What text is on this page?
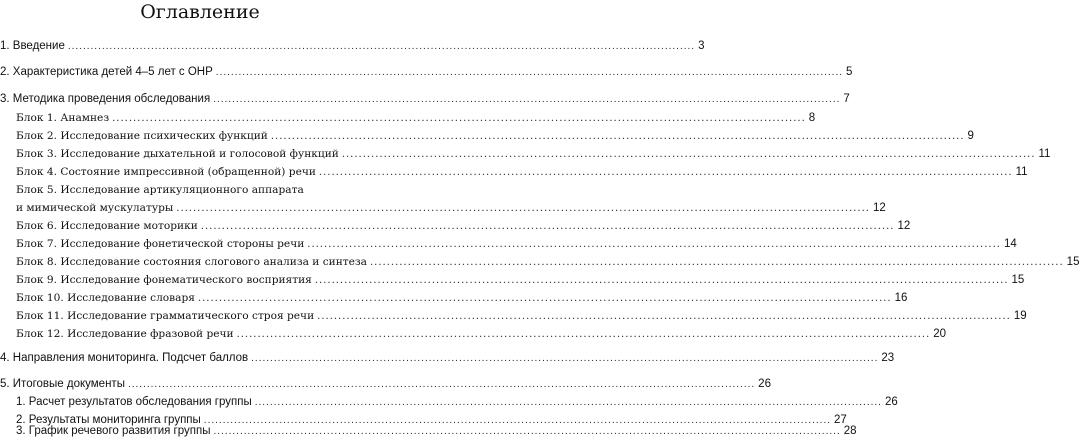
Оглавление
1. Введение ...................................................................................................................................................................... 3
2. Характеристика детей 4–5 лет с ОНР ...................................................................................................................................................................... 5
3. Методика проведения обследования ...................................................................................................................................................................... 7
Блок 1. Анамнез ...................................................................................................................................................................... 8
Блок 2. Исследование психических функций ...................................................................................................................................................................... 9
Блок 3. Исследование дыхательной и голосовой функций ...................................................................................................................................................................... 11
Блок 4. Состояние импрессивной (обращенной) речи ...................................................................................................................................................................... 11
Блок 5. Исследование артикуляционного аппарата
и мимической мускулатуры ...................................................................................................................................................................... 12
Блок 6. Исследование моторики ...................................................................................................................................................................... 12
Блок 7. Исследование фонетической стороны речи ...................................................................................................................................................................... 14
Блок 8. Исследование состояния слогового анализа и синтеза ...................................................................................................................................................................... 15
Блок 9. Исследование фонематического восприятия ...................................................................................................................................................................... 15
Блок 10. Исследование словаря ...................................................................................................................................................................... 16
Блок 11. Исследование грамматического строя речи ...................................................................................................................................................................... 19
Блок 12. Исследование фразовой речи ...................................................................................................................................................................... 20
4. Направления мониторинга. Подсчет баллов ...................................................................................................................................................................... 23
5. Итоговые документы ...................................................................................................................................................................... 26
1. Расчет результатов обследования группы ...................................................................................................................................................................... 26
2. Результаты мониторинга группы ...................................................................................................................................................................... 27
3. График речевого развития группы ...................................................................................................................................................................... 28
